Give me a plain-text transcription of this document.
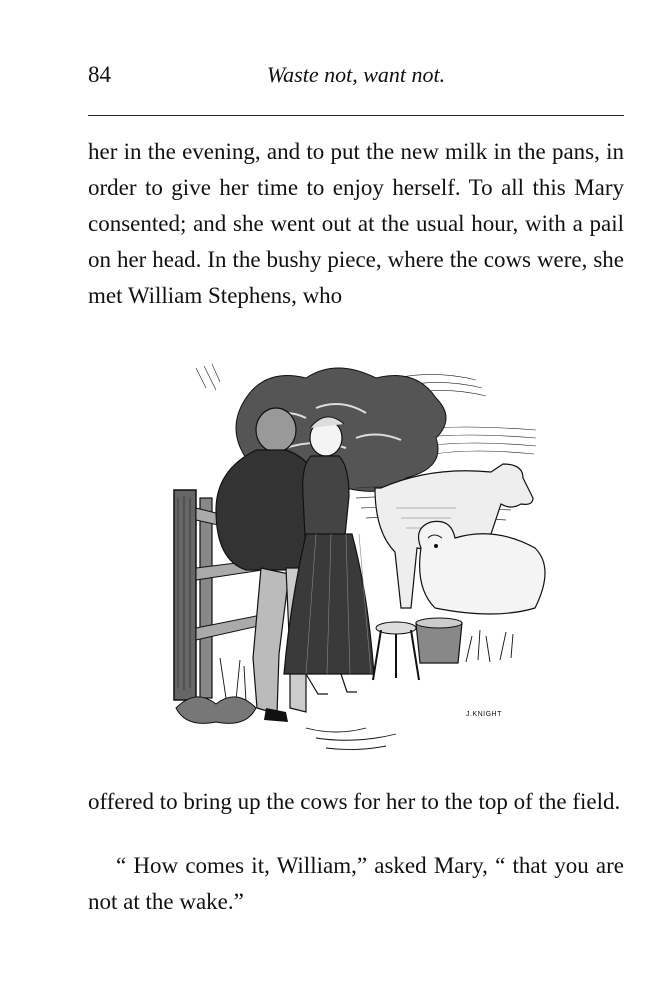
84	Waste not, want not.

her in the evening, and to put the new milk in the pans, in order to give her time to enjoy herself. To all this Mary consented; and she went out at the usual hour, with a pail on her head. In the bushy piece, where the cows were, she met William Stephens, who

J.KNIGHT

offered to bring up the cows for her to the top of the field.

“ How comes it, William,” asked Mary, “ that you are not at the wake.”
